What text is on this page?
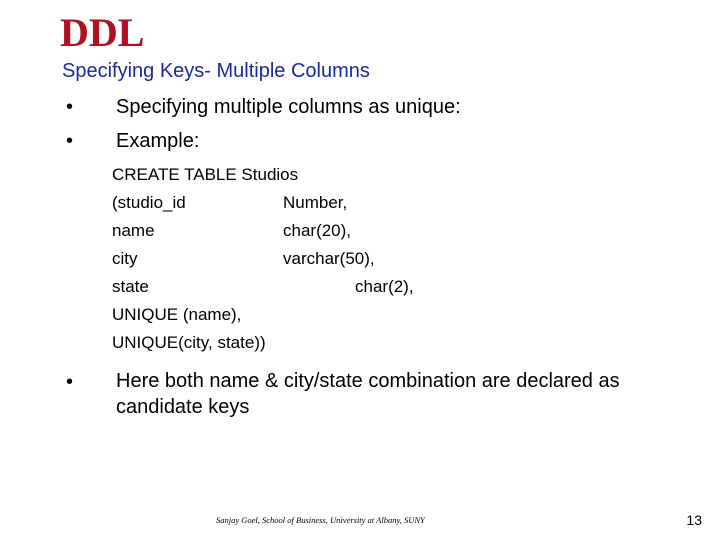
DDL
Specifying Keys- Multiple Columns
• Specifying multiple columns as unique:
• Example:
CREATE TABLE Studios
(studio_id	Number,
name	char(20),
city	varchar(50),
state	char(2),
UNIQUE (name),
UNIQUE(city, state))
• Here both name & city/state combination are declared as candidate keys
Sanjay Goel, School of Business, University at Albany, SUNY	13
